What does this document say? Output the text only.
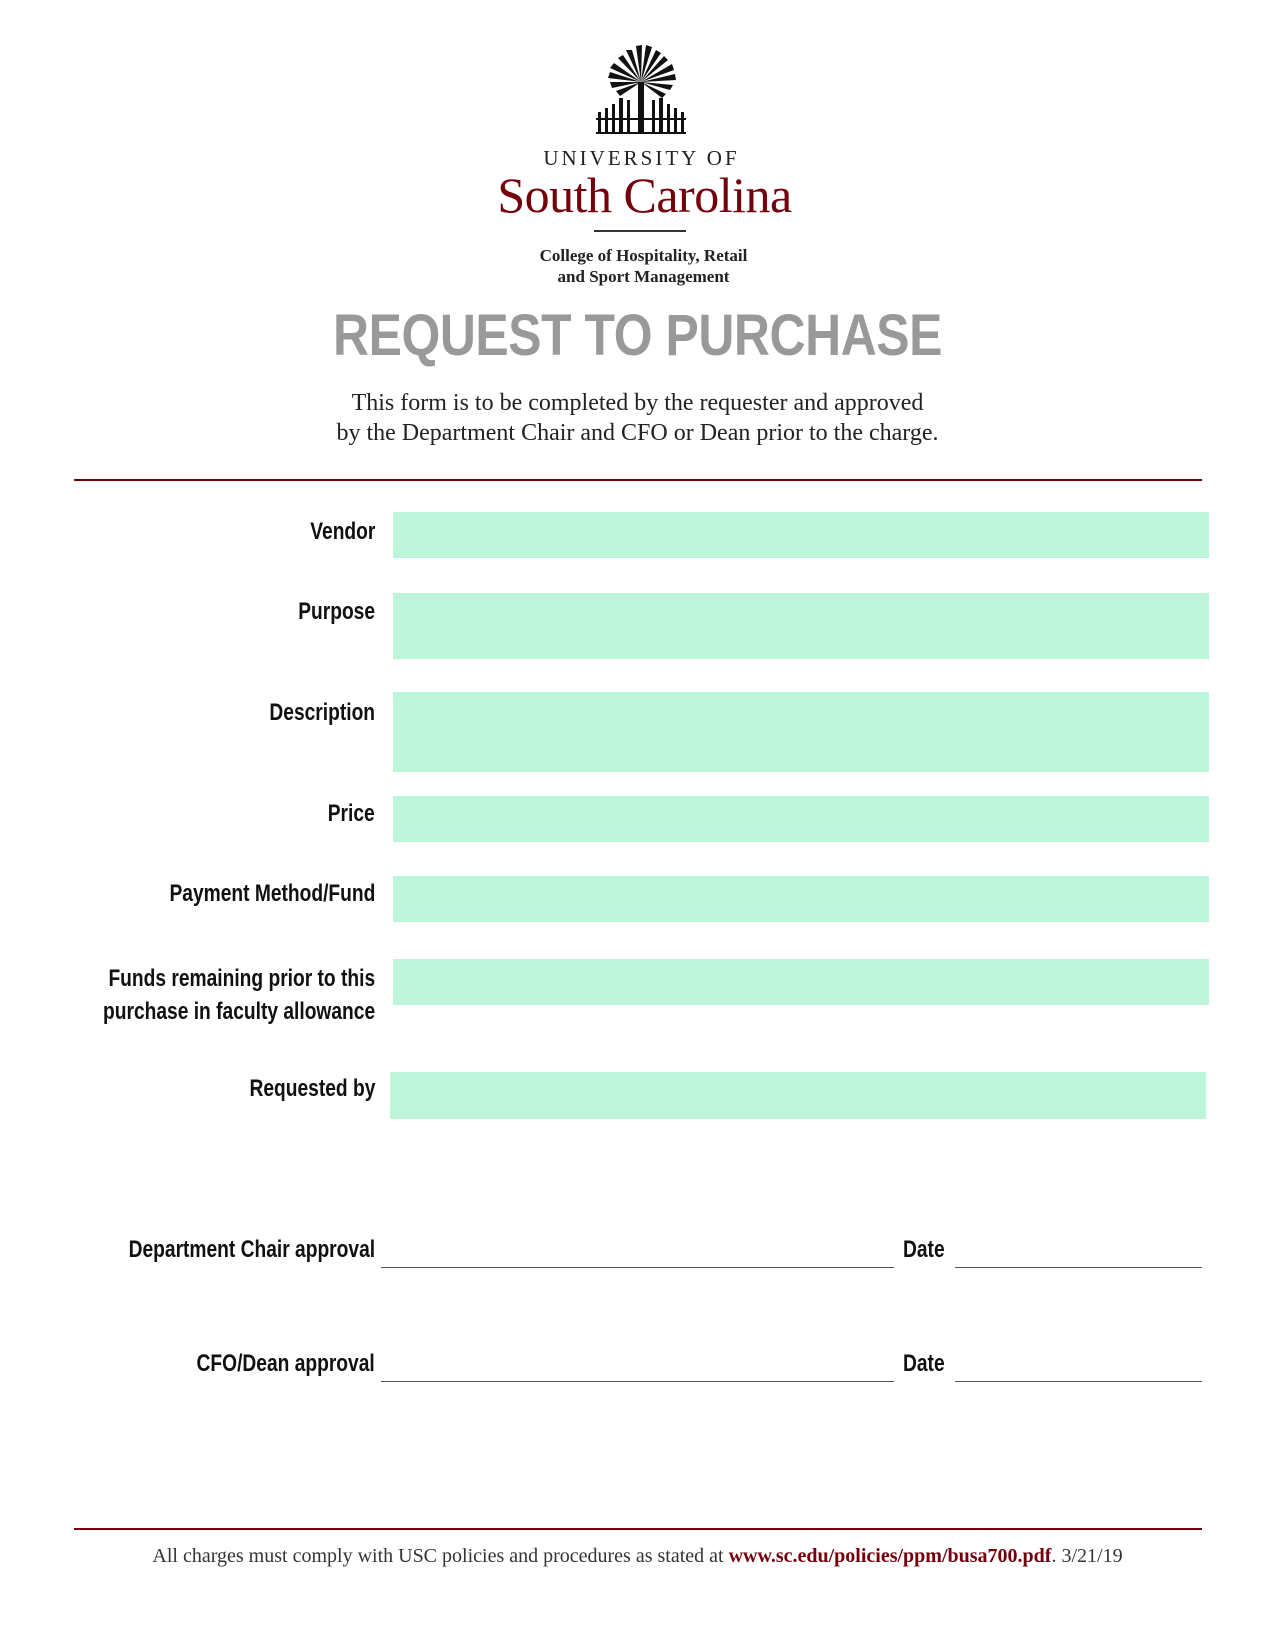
UNIVERSITY OF
South Carolina
College of Hospitality, Retail
and Sport Management
REQUEST TO PURCHASE
This form is to be completed by the requester and approved
by the Department Chair and CFO or Dean prior to the charge.
Vendor
Purpose
Description
Price
Payment Method/Fund
Funds remaining prior to this
purchase in faculty allowance
Requested by
Department Chair approval	Date
CFO/Dean approval	Date
All charges must comply with USC policies and procedures as stated at www.sc.edu/policies/ppm/busa700.pdf. 3/21/19
